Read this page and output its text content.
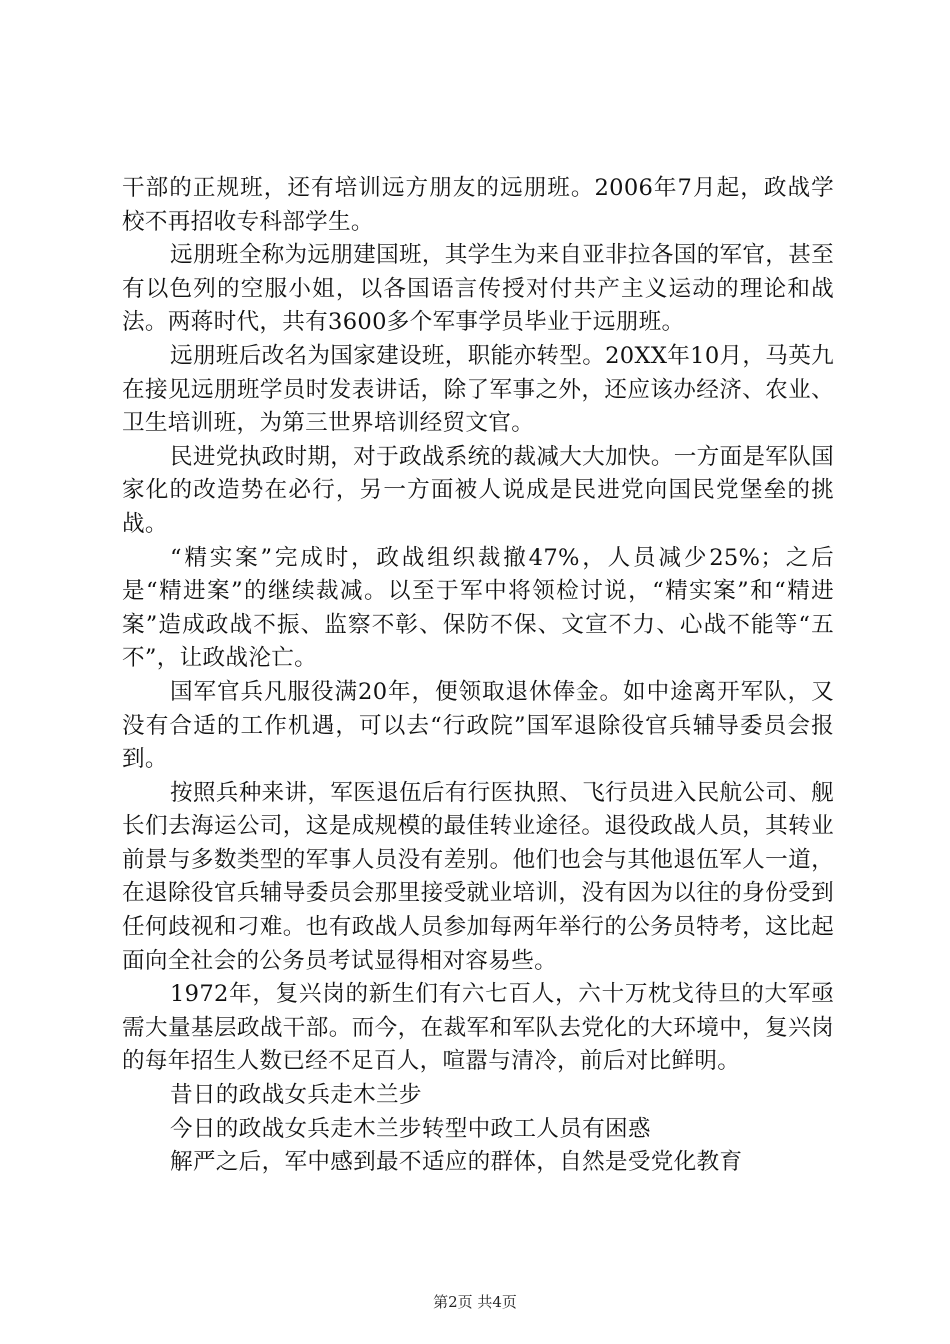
干部的正规班，还有培训远方朋友的远朋班。2006年7月起，政战学校不再招收专科部学生。

远朋班全称为远朋建国班，其学生为来自亚非拉各国的军官，甚至有以色列的空服小姐，以各国语言传授对付共产主义运动的理论和战法。两蒋时代，共有3600多个军事学员毕业于远朋班。

远朋班后改名为国家建设班，职能亦转型。20XX年10月，马英九在接见远朋班学员时发表讲话，除了军事之外，还应该办经济、农业、卫生培训班，为第三世界培训经贸文官。

民进党执政时期，对于政战系统的裁减大大加快。一方面是军队国家化的改造势在必行，另一方面被人说成是民进党向国民党堡垒的挑战。

“精实案”完成时，政战组织裁撤47%，人员减少25%；之后是“精进案”的继续裁减。以至于军中将领检讨说，“精实案”和“精进案”造成政战不振、监察不彰、保防不保、文宣不力、心战不能等“五不”，让政战沦亡。

国军官兵凡服役满20年，便领取退休俸金。如中途离开军队，又没有合适的工作机遇，可以去“行政院”国军退除役官兵辅导委员会报到。

按照兵种来讲，军医退伍后有行医执照、飞行员进入民航公司、舰长们去海运公司，这是成规模的最佳转业途径。退役政战人员，其转业前景与多数类型的军事人员没有差别。他们也会与其他退伍军人一道，在退除役官兵辅导委员会那里接受就业培训，没有因为以往的身份受到任何歧视和刁难。也有政战人员参加每两年举行的公务员特考，这比起面向全社会的公务员考试显得相对容易些。

1972年，复兴岗的新生们有六七百人，六十万枕戈待旦的大军亟需大量基层政战干部。而今，在裁军和军队去党化的大环境中，复兴岗的每年招生人数已经不足百人，喧嚣与清冷，前后对比鲜明。

昔日的政战女兵走木兰步

今日的政战女兵走木兰步转型中政工人员有困惑

解严之后，军中感到最不适应的群体，自然是受党化教育

第2页 共4页
